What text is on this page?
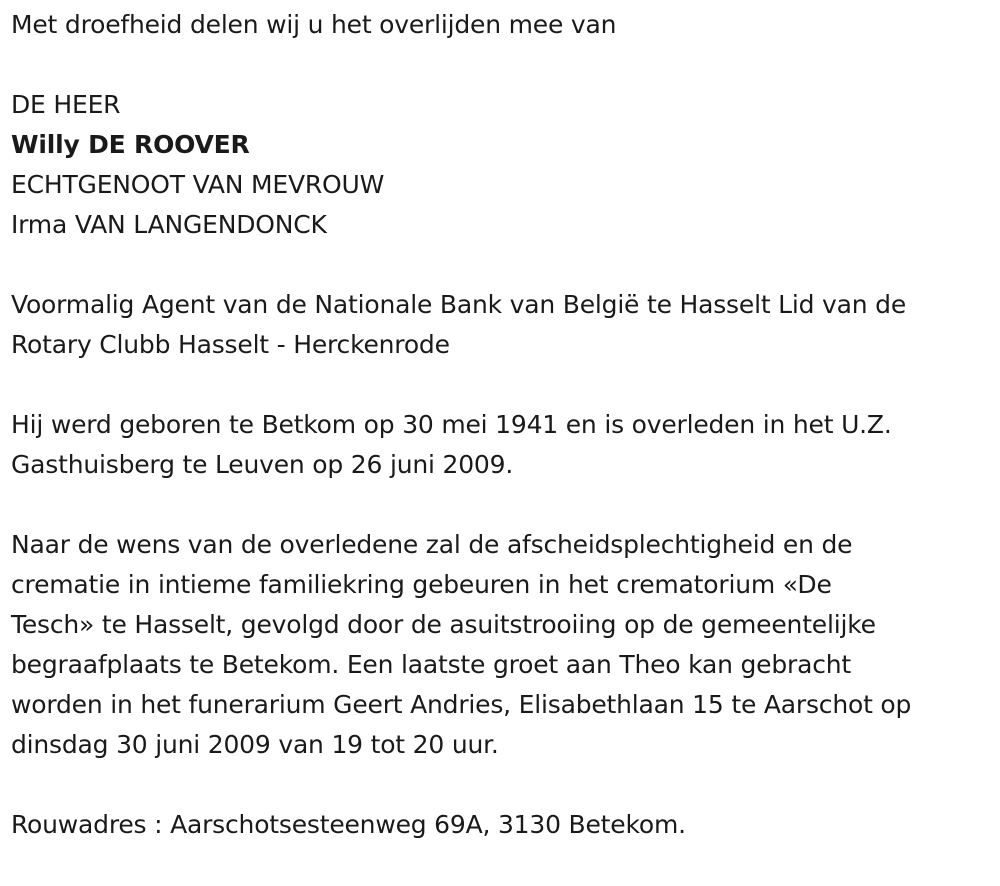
Met droefheid delen wij u het overlijden mee van
DE HEER
Willy DE ROOVER
ECHTGENOOT VAN MEVROUW
Irma VAN LANGENDONCK
Voormalig Agent van de Nationale Bank van België te Hasselt Lid van de
Rotary Clubb Hasselt - Herckenrode
Hij werd geboren te Betkom op 30 mei 1941 en is overleden in het U.Z.
Gasthuisberg te Leuven op 26 juni 2009.
Naar de wens van de overledene zal de afscheidsplechtigheid en de
crematie in intieme familiekring gebeuren in het crematorium «De
Tesch» te Hasselt, gevolgd door de asuitstrooiing op de gemeentelijke
begraafplaats te Betekom. Een laatste groet aan Theo kan gebracht
worden in het funerarium Geert Andries, Elisabethlaan 15 te Aarschot op
dinsdag 30 juni 2009 van 19 tot 20 uur.
Rouwadres : Aarschotsesteenweg 69A, 3130 Betekom.
